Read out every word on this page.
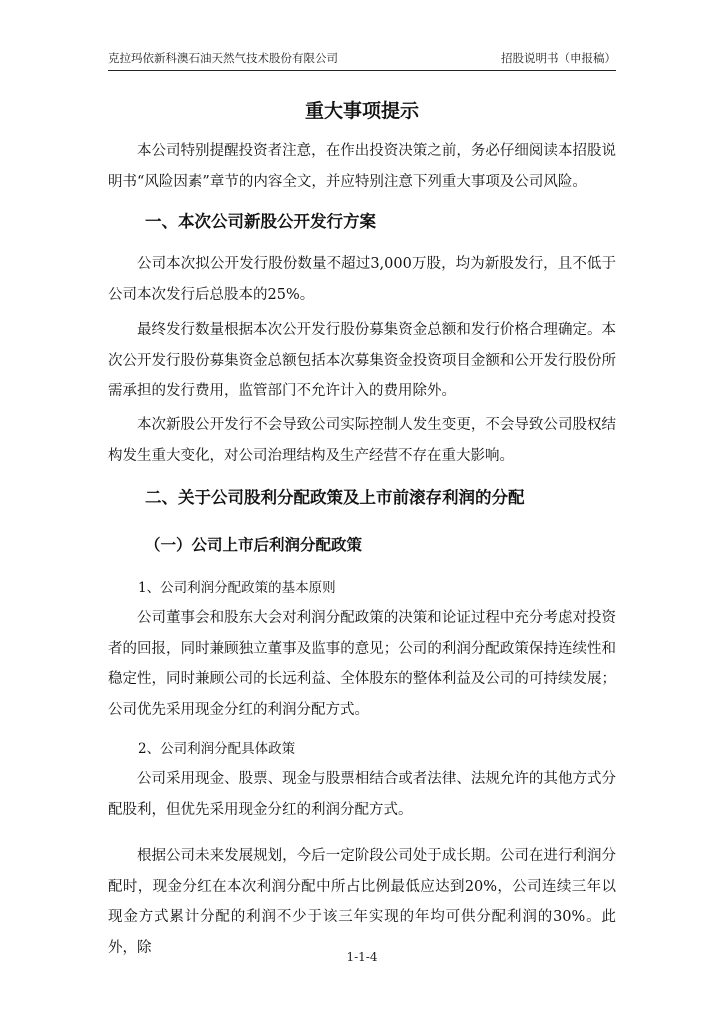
克拉玛依新科澳石油天然气技术股份有限公司	招股说明书（申报稿）
重大事项提示

本公司特别提醒投资者注意，在作出投资决策之前，务必仔细阅读本招股说明书“风险因素”章节的内容全文，并应特别注意下列重大事项及公司风险。

一、本次公司新股公开发行方案

公司本次拟公开发行股份数量不超过3,000万股，均为新股发行，且不低于公司本次发行后总股本的25%。

最终发行数量根据本次公开发行股份募集资金总额和发行价格合理确定。本次公开发行股份募集资金总额包括本次募集资金投资项目金额和公开发行股份所需承担的发行费用，监管部门不允许计入的费用除外。

本次新股公开发行不会导致公司实际控制人发生变更，不会导致公司股权结构发生重大变化，对公司治理结构及生产经营不存在重大影响。

二、关于公司股利分配政策及上市前滚存利润的分配
（一）公司上市后利润分配政策
1、公司利润分配政策的基本原则

公司董事会和股东大会对利润分配政策的决策和论证过程中充分考虑对投资者的回报，同时兼顾独立董事及监事的意见；公司的利润分配政策保持连续性和稳定性，同时兼顾公司的长远利益、全体股东的整体利益及公司的可持续发展；公司优先采用现金分红的利润分配方式。

2、公司利润分配具体政策

公司采用现金、股票、现金与股票相结合或者法律、法规允许的其他方式分配股利，但优先采用现金分红的利润分配方式。

根据公司未来发展规划，今后一定阶段公司处于成长期。公司在进行利润分配时，现金分红在本次利润分配中所占比例最低应达到20%，公司连续三年以现金方式累计分配的利润不少于该三年实现的年均可供分配利润的30%。此外，除

1-1-4
